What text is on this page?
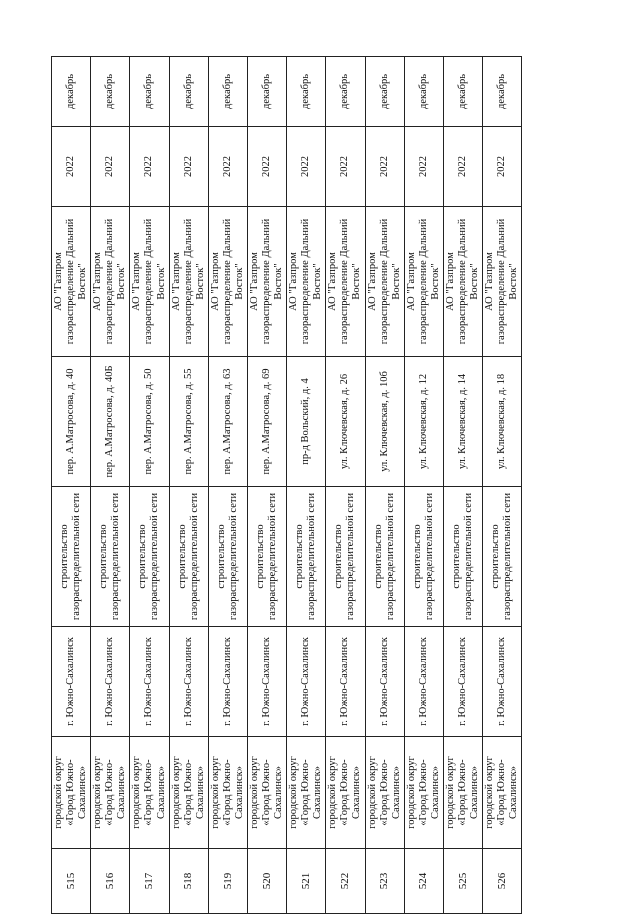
515	городской округ «Город Южно-Сахалинск»	г. Южно-Сахалинск	строительство газораспределительной сети	пер. А.Матросова, д. 40	АО "Газпром газораспределение Дальний Восток"	2022	декабрь
516	городской округ «Город Южно-Сахалинск»	г. Южно-Сахалинск	строительство газораспределительной сети	пер. А.Матросова, д. 40Б	АО "Газпром газораспределение Дальний Восток"	2022	декабрь
517	городской округ «Город Южно-Сахалинск»	г. Южно-Сахалинск	строительство газораспределительной сети	пер. А.Матросова, д. 50	АО "Газпром газораспределение Дальний Восток"	2022	декабрь
518	городской округ «Город Южно-Сахалинск»	г. Южно-Сахалинск	строительство газораспределительной сети	пер. А.Матросова, д. 55	АО "Газпром газораспределение Дальний Восток"	2022	декабрь
519	городской округ «Город Южно-Сахалинск»	г. Южно-Сахалинск	строительство газораспределительной сети	пер. А.Матросова, д. 63	АО "Газпром газораспределение Дальний Восток"	2022	декабрь
520	городской округ «Город Южно-Сахалинск»	г. Южно-Сахалинск	строительство газораспределительной сети	пер. А.Матросова, д. 69	АО "Газпром газораспределение Дальний Восток"	2022	декабрь
521	городской округ «Город Южно-Сахалинск»	г. Южно-Сахалинск	строительство газораспределительной сети	пр-д Вольский, д. 4	АО "Газпром газораспределение Дальний Восток"	2022	декабрь
522	городской округ «Город Южно-Сахалинск»	г. Южно-Сахалинск	строительство газораспределительной сети	ул. Ключевская, д. 26	АО "Газпром газораспределение Дальний Восток"	2022	декабрь
523	городской округ «Город Южно-Сахалинск»	г. Южно-Сахалинск	строительство газораспределительной сети	ул. Ключевская, д. 10б	АО "Газпром газораспределение Дальний Восток"	2022	декабрь
524	городской округ «Город Южно-Сахалинск»	г. Южно-Сахалинск	строительство газораспределительной сети	ул. Ключевская, д. 12	АО "Газпром газораспределение Дальний Восток"	2022	декабрь
525	городской округ «Город Южно-Сахалинск»	г. Южно-Сахалинск	строительство газораспределительной сети	ул. Ключевская, д. 14	АО "Газпром газораспределение Дальний Восток"	2022	декабрь
526	городской округ «Город Южно-Сахалинск»	г. Южно-Сахалинск	строительство газораспределительной сети	ул. Ключевская, д. 18	АО "Газпром газораспределение Дальний Восток"	2022	декабрь
